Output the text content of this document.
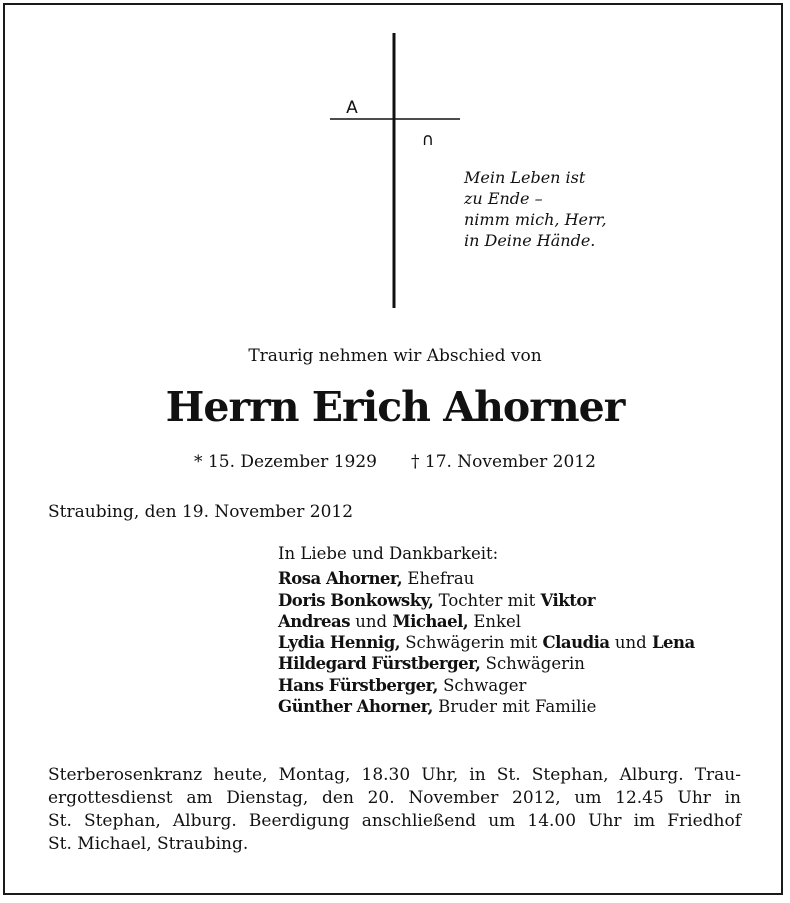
A
∩
Mein Leben ist
zu Ende –
nimm mich, Herr,
in Deine Hände.
Traurig nehmen wir Abschied von
Herrn Erich Ahorner
* 15. Dezember 1929 † 17. November 2012
Straubing, den 19. November 2012
In Liebe und Dankbarkeit:
Rosa Ahorner, Ehefrau
Doris Bonkowsky, Tochter mit Viktor
Andreas und Michael, Enkel
Lydia Hennig, Schwägerin mit Claudia und Lena
Hildegard Fürstberger, Schwägerin
Hans Fürstberger, Schwager
Günther Ahorner, Bruder mit Familie
Sterberosenkranz heute, Montag, 18.30 Uhr, in St. Stephan, Alburg. Trau-
ergottesdienst am Dienstag, den 20. November 2012, um 12.45 Uhr in
St. Stephan, Alburg. Beerdigung anschließend um 14.00 Uhr im Friedhof
St. Michael, Straubing.
